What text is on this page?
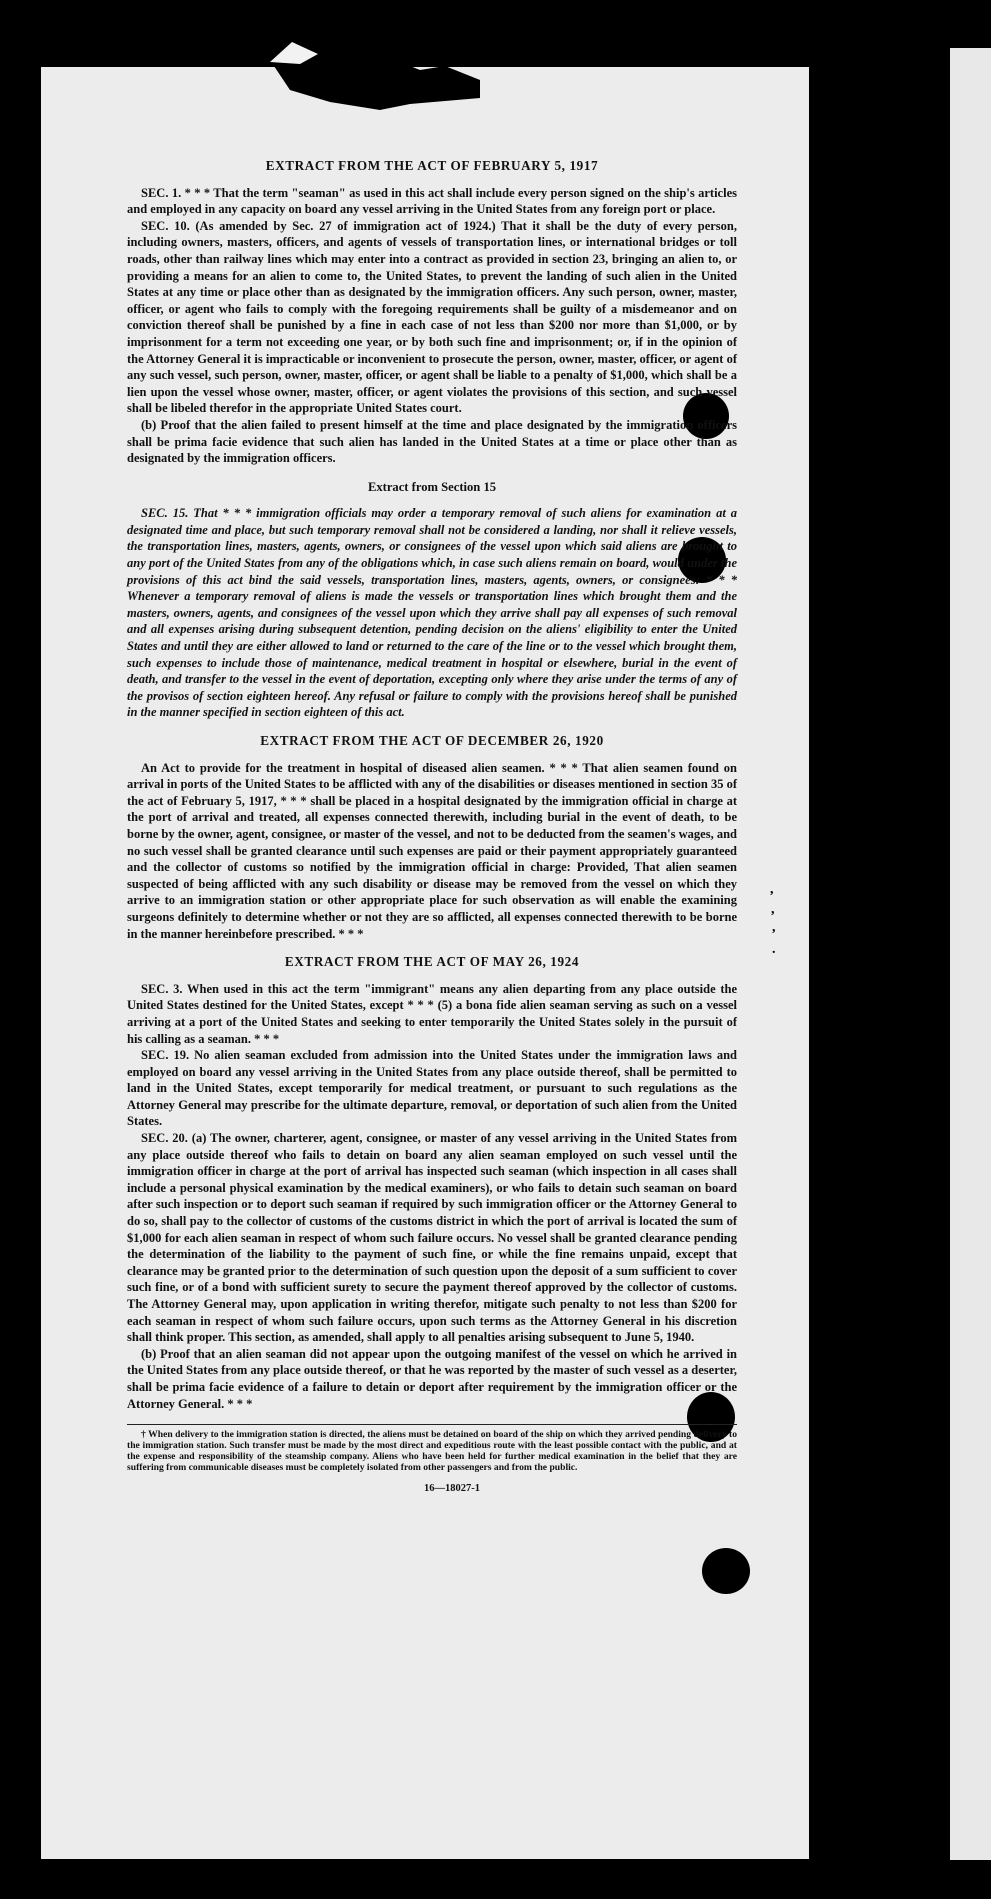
,
,
,
.
EXTRACT FROM THE ACT OF FEBRUARY 5, 1917

SEC. 1. * * * That the term "seaman" as used in this act shall include every person signed on the ship's articles and employed in any capacity on board any vessel arriving in the United States from any foreign port or place.

SEC. 10. (As amended by Sec. 27 of immigration act of 1924.) That it shall be the duty of every person, including owners, masters, officers, and agents of vessels of transportation lines, or international bridges or toll roads, other than railway lines which may enter into a contract as provided in section 23, bringing an alien to, or providing a means for an alien to come to, the United States, to prevent the landing of such alien in the United States at any time or place other than as designated by the immigration officers. Any such person, owner, master, officer, or agent who fails to comply with the foregoing requirements shall be guilty of a misdemeanor and on conviction thereof shall be punished by a fine in each case of not less than $200 nor more than $1,000, or by imprisonment for a term not exceeding one year, or by both such fine and imprisonment; or, if in the opinion of the Attorney General it is impracticable or inconvenient to prosecute the person, owner, master, officer, or agent of any such vessel, such person, owner, master, officer, or agent shall be liable to a penalty of $1,000, which shall be a lien upon the vessel whose owner, master, officer, or agent violates the provisions of this section, and such vessel shall be libeled therefor in the appropriate United States court.

(b) Proof that the alien failed to present himself at the time and place designated by the immigration officers shall be prima facie evidence that such alien has landed in the United States at a time or place other than as designated by the immigration officers.

Extract from Section 15

SEC. 15. That * * * immigration officials may order a temporary removal of such aliens for examination at a designated time and place, but such temporary removal shall not be considered a landing, nor shall it relieve vessels, the transportation lines, masters, agents, owners, or consignees of the vessel upon which said aliens are brought to any port of the United States from any of the obligations which, in case such aliens remain on board, would under the provisions of this act bind the said vessels, transportation lines, masters, agents, owners, or consignees: * * * Whenever a temporary removal of aliens is made the vessels or transportation lines which brought them and the masters, owners, agents, and consignees of the vessel upon which they arrive shall pay all expenses of such removal and all expenses arising during subsequent detention, pending decision on the aliens' eligibility to enter the United States and until they are either allowed to land or returned to the care of the line or to the vessel which brought them, such expenses to include those of maintenance, medical treatment in hospital or elsewhere, burial in the event of death, and transfer to the vessel in the event of deportation, excepting only where they arise under the terms of any of the provisos of section eighteen hereof. Any refusal or failure to comply with the provisions hereof shall be punished in the manner specified in section eighteen of this act.

EXTRACT FROM THE ACT OF DECEMBER 26, 1920

An Act to provide for the treatment in hospital of diseased alien seamen. * * * That alien seamen found on arrival in ports of the United States to be afflicted with any of the disabilities or diseases mentioned in section 35 of the act of February 5, 1917, * * * shall be placed in a hospital designated by the immigration official in charge at the port of arrival and treated, all expenses connected therewith, including burial in the event of death, to be borne by the owner, agent, consignee, or master of the vessel, and not to be deducted from the seamen's wages, and no such vessel shall be granted clearance until such expenses are paid or their payment appropriately guaranteed and the collector of customs so notified by the immigration official in charge: Provided, That alien seamen suspected of being afflicted with any such disability or disease may be removed from the vessel on which they arrive to an immigration station or other appropriate place for such observation as will enable the examining surgeons definitely to determine whether or not they are so afflicted, all expenses connected therewith to be borne in the manner hereinbefore prescribed. * * *

EXTRACT FROM THE ACT OF MAY 26, 1924

SEC. 3. When used in this act the term "immigrant" means any alien departing from any place outside the United States destined for the United States, except * * * (5) a bona fide alien seaman serving as such on a vessel arriving at a port of the United States and seeking to enter temporarily the United States solely in the pursuit of his calling as a seaman. * * *

SEC. 19. No alien seaman excluded from admission into the United States under the immigration laws and employed on board any vessel arriving in the United States from any place outside thereof, shall be permitted to land in the United States, except temporarily for medical treatment, or pursuant to such regulations as the Attorney General may prescribe for the ultimate departure, removal, or deportation of such alien from the United States.

SEC. 20. (a) The owner, charterer, agent, consignee, or master of any vessel arriving in the United States from any place outside thereof who fails to detain on board any alien seaman employed on such vessel until the immigration officer in charge at the port of arrival has inspected such seaman (which inspection in all cases shall include a personal physical examination by the medical examiners), or who fails to detain such seaman on board after such inspection or to deport such seaman if required by such immigration officer or the Attorney General to do so, shall pay to the collector of customs of the customs district in which the port of arrival is located the sum of $1,000 for each alien seaman in respect of whom such failure occurs. No vessel shall be granted clearance pending the determination of the liability to the payment of such fine, or while the fine remains unpaid, except that clearance may be granted prior to the determination of such question upon the deposit of a sum sufficient to cover such fine, or of a bond with sufficient surety to secure the payment thereof approved by the collector of customs. The Attorney General may, upon application in writing therefor, mitigate such penalty to not less than $200 for each seaman in respect of whom such failure occurs, upon such terms as the Attorney General in his discretion shall think proper. This section, as amended, shall apply to all penalties arising subsequent to June 5, 1940.

(b) Proof that an alien seaman did not appear upon the outgoing manifest of the vessel on which he arrived in the United States from any place outside thereof, or that he was reported by the master of such vessel as a deserter, shall be prima facie evidence of a failure to detain or deport after requirement by the immigration officer or the Attorney General. * * *

† When delivery to the immigration station is directed, the aliens must be detained on board of the ship on which they arrived pending delivery to the immigration station. Such transfer must be made by the most direct and expeditious route with the least possible contact with the public, and at the expense and responsibility of the steamship company. Aliens who have been held for further medical examination in the belief that they are suffering from communicable diseases must be completely isolated from other passengers and from the public.
16—18027-1
